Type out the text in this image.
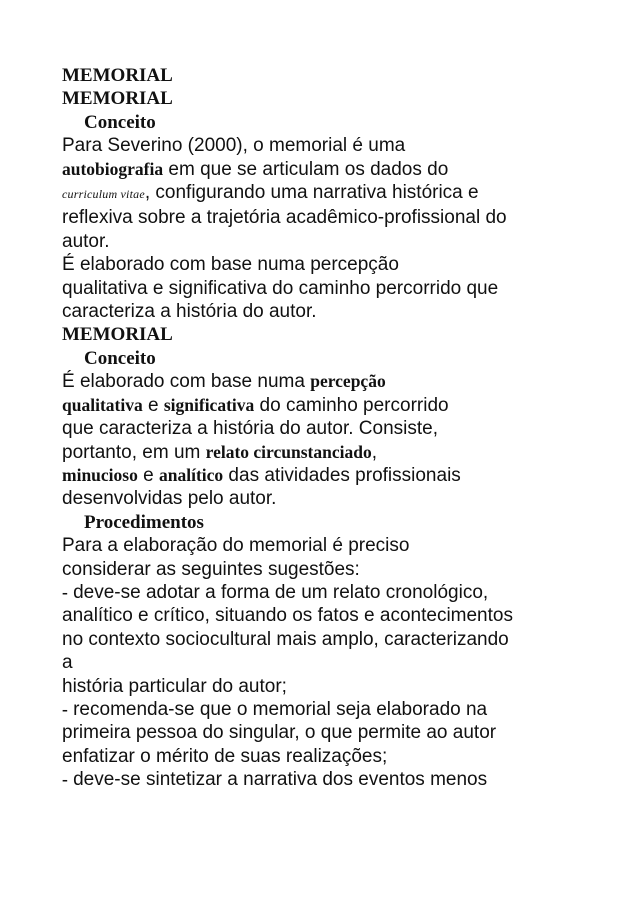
MEMORIAL
MEMORIAL
Conceito
Para Severino (2000), o memorial é uma
autobiografia em que se articulam os dados do
curriculum vitae, configurando uma narrativa histórica e
reflexiva sobre a trajetória acadêmico-profissional do
autor.
É elaborado com base numa percepção
qualitativa e significativa do caminho percorrido que
caracteriza a história do autor.
MEMORIAL
Conceito
É elaborado com base numa percepção
qualitativa e significativa do caminho percorrido
que caracteriza a história do autor. Consiste,
portanto, em um relato circunstanciado,
minucioso e analítico das atividades profissionais
desenvolvidas pelo autor.
Procedimentos
Para a elaboração do memorial é preciso
considerar as seguintes sugestões:
- deve-se adotar a forma de um relato cronológico,
analítico e crítico, situando os fatos e acontecimentos
no contexto sociocultural mais amplo, caracterizando
a
história particular do autor;
- recomenda-se que o memorial seja elaborado na
primeira pessoa do singular, o que permite ao autor
enfatizar o mérito de suas realizações;
- deve-se sintetizar a narrativa dos eventos menos
